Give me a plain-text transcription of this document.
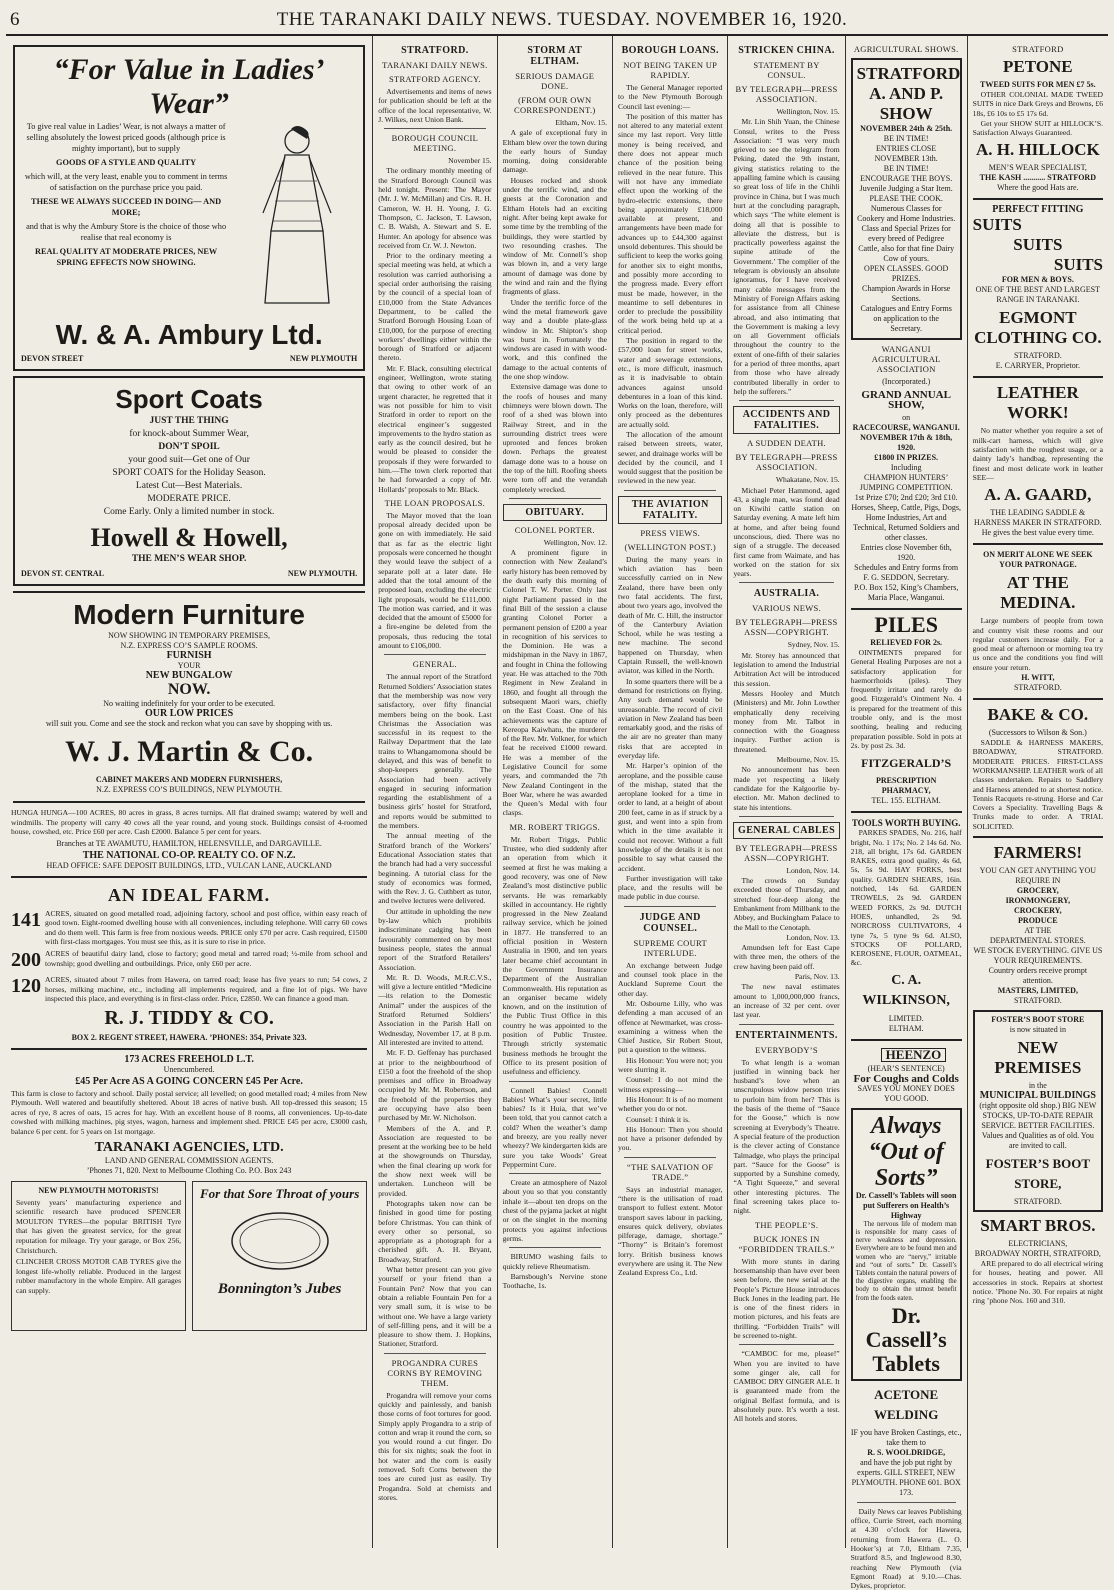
6	THE TARANAKI DAILY NEWS. TUESDAY. NOVEMBER 16, 1920.
“For Value in Ladies’ Wear”
To give real value in Ladies’ Wear, is not always a matter of selling absolutely the lowest priced goods (although price is mighty important), but to supply
GOODS OF A STYLE AND QUALITY
which will, at the very least, enable you to comment in terms of satisfaction on the purchase price you paid.
THESE WE ALWAYS SUCCEED IN DOING— AND MORE;
and that is why the Ambury Store is the choice of those who realise that real economy is
REAL QUALITY AT MODERATE PRICES, NEW SPRING EFFECTS NOW SHOWING.
W. & A. Ambury Ltd.
DEVON STREET	NEW PLYMOUTH
Sport Coats
JUST THE THING
for knock-about Summer Wear,
DON’T SPOIL
your good suit—Get one of Our
SPORT COATS for the Holiday Season.
Latest Cut—Best Materials.
MODERATE PRICE.
Come Early. Only a limited number in stock.
Howell & Howell,
THE MEN’S WEAR SHOP.
DEVON ST. CENTRAL	NEW PLYMOUTH.
Modern Furniture
NOW SHOWING IN TEMPORARY PREMISES,
N.Z. EXPRESS CO’S SAMPLE ROOMS.
FURNISH
YOUR
NEW BUNGALOW
NOW.
No waiting indefinitely for your order to be executed.
OUR LOW PRICES
will suit you. Come and see the stock and reckon what you can save by shopping with us.
W. J. Martin & Co.
CABINET MAKERS AND MODERN FURNISHERS,
N.Z. EXPRESS CO’S BUILDINGS, NEW PLYMOUTH.
HUNGA HUNGA—100 ACRES, 80 acres in grass, 8 acres turnips. All flat drained swamp; watered by well and windmills. The property will carry 40 cows all the year round, and young stock. Buildings consist of 4-roomed house, cowshed, etc. Price £60 per acre. Cash £2000. Balance 5 per cent for years.
Branches at TE AWAMUTU, HAMILTON, HELENSVILLE, and DARGAVILLE.
THE NATIONAL CO-OP. REALTY CO. OF N.Z.
HEAD OFFICE: SAFE DEPOSIT BUILDINGS, LTD., VULCAN LANE, AUCKLAND
AN IDEAL FARM.
141 ACRES, situated on good metalled road, adjoining factory, school and post office, within easy reach of good town. Eight-roomed dwelling house with all conveniences, including telephone. Will carry 60 cows and do them well. This farm is free from noxious weeds. PRICE only £70 per acre. Cash required, £1500 with first-class mortgages. You must see this, as it is sure to rise in price.
200 ACRES of beautiful dairy land, close to factory; good metal and tarred road; ½-mile from school and township; good dwelling and outbuildings. Price, only £60 per acre.
120 ACRES, situated about 7 miles from Hawera, on tarred road; lease has five years to run; 54 cows, 2 horses, milking machine, etc., including all implements required, and a fine lot of pigs. We have inspected this place, and everything is in first-class order. Price, £2850. We can finance a good man.
R. J. TIDDY & CO.
BOX 2. REGENT STREET, HAWERA. ’PHONES: 354, Private 323.
173 ACRES FREEHOLD L.T.
Unencumbered.
£45 Per Acre AS A GOING CONCERN £45 Per Acre.
This farm is close to factory and school. Daily postal service; all levelled; on good metalled road; 4 miles from New Plymouth. Well watered and beautifully sheltered. About 18 acres of native bush. All top-dressed this season; 15 acres of rye, 8 acres of oats, 15 acres for hay. With an excellent house of 8 rooms, all conveniences. Up-to-date cowshed with milking machines, pig styes, wagon, harness and implement shed. PRICE £45 per acre, £3000 cash, balance 6 per cent. for 5 years on 1st mortgage.
TARANAKI AGENCIES, LTD.
LAND AND GENERAL COMMISSION AGENTS.
’Phones 71, 820. Next to Melbourne Clothing Co. P.O. Box 243
NEW PLYMOUTH MOTORISTS!
Seventy years’ manufacturing experience and scientific research have produced SPENCER MOULTON TYRES—the popular BRITISH Tyre that has given the greatest service, for the great reputation for mileage. Try your garage, or Box 256, Christchurch.
CLINCHER CROSS MOTOR CAB TYRES give the longest life-wholly reliable. Produced in the largest rubber manufactory in the whole Empire. All garages can supply.
For that Sore Throat of yours
Bonnington’s Jubes
STRATFORD.
TARANAKI DAILY NEWS.
STRATFORD AGENCY.
Advertisements and items of news for publication should be left at the office of the local representative, W. J. Wilkes, next Union Bank.
BOROUGH COUNCIL MEETING.
November 15.
The ordinary monthly meeting of the Stratford Borough Council was held tonight. Present: The Mayor (Mr. J. W. McMillan) and Crs. R. H. Cameron, W. H. H. Young, J. G. Thompson, C. Jackson, T. Lawson, C. B. Walsh, A. Stewart and S. E. Hunter. An apology for absence was received from Cr. W. J. Newton.
Prior to the ordinary meeting a special meeting was held, at which a resolution was carried authorising a special order authorising the raising by the council of a special loan of £10,000 from the State Advances Department, to be called the Stratford Borough Housing Loan of £10,000, for the purpose of erecting workers’ dwellings either within the borough of Stratford or adjacent thereto.
Mr. F. Black, consulting electrical engineer, Wellington, wrote stating that owing to other work of an urgent character, he regretted that it was not possible for him to visit Stratford in order to report on the electrical engineer’s suggested improvements to the hydro station as early as the council desired, but he would be pleased to consider the proposals if they were forwarded to him.—The town clerk reported that he had forwarded a copy of Mr. Hollards’ proposals to Mr. Black.
THE LOAN PROPOSALS.
The Mayor moved that the loan proposal already decided upon be gone on with immediately. He said that as far as the electric light proposals were concerned he thought they would leave the subject of a separate poll at a later date. He added that the total amount of the proposed loan, excluding the electric light proposals, would be £111,000. The motion was carried, and it was decided that the amount of £5000 for a fire-engine be deleted from the proposals, thus reducing the total amount to £106,000.
GENERAL.
The annual report of the Stratford Returned Soldiers’ Association states that the membership was now very satisfactory, over fifty financial members being on the book. Last Christmas the Association was successful in its request to the Railway Department that the late trains to Whangamomona should be delayed, and this was of benefit to shop-keepers generally. The Association had been actively engaged in securing information regarding the establishment of a business girls’ hostel for Stratford, and reports would be submitted to the members.
The annual meeting of the Stratford branch of the Workers’ Educational Association states that the branch had had a very successful beginning. A tutorial class for the study of economics was formed, with the Rev. J. G. Cuthbert as tutor, and twelve lectures were delivered.
Our attitude in upholding the new by-law which prohibits indiscriminate cadging has been favourably commented on by most business people, states the annual report of the Stratford Retailers’ Association.
Mr. R. D. Woods, M.R.C.V.S., will give a lecture entitled “Medicine—its relation to the Domestic Animal” under the auspices of the Stratford Returned Soldiers’ Association in the Parish Hall on Wednesday, November 17, at 8 p.m. All interested are invited to attend.
Mr. F. D. Geffenay has purchased at prior to the neighbourhood of £150 a foot the freehold of the shop premises and office in Broadway occupied by Mr. M. Robertson, and the freehold of the properties they are occupying have also been purchased by Mr. W. Nicholson.
Members of the A. and P. Association are requested to be present at the working bee to be held at the showgrounds on Thursday, when the final clearing up work for the show next week will be undertaken. Luncheon will be provided.
Photographs taken now can be finished in good time for posting before Christmas. You can think of every other so personal, so appropriate as a photograph for a cherished gift. A. H. Bryant, Broadway, Stratford.
What better present can you give yourself or your friend than a Fountain Pen? Now that you can obtain a reliable Fountain Pen for a very small sum, it is wise to be without one. We have a large variety of self-filling pens, and it will be a pleasure to show them. J. Hopkins, Stationer, Stratford.
PROGANDRA CURES CORNS BY REMOVING THEM.
Progandra will remove your corns quickly and painlessly, and banish those corns of foot tortures for good. Simply apply Progandra to a strip of cotton and wrap it round the corn, so you would round a cut finger. Do this for six nights; soak the foot in hot water and the corn is easily removed. Soft Corns between the toes are cured just as easily. Try Progandra. Sold at chemists and stores.
STORM AT ELTHAM.
SERIOUS DAMAGE DONE.
(FROM OUR OWN CORRESPONDENT.)
Eltham, Nov. 15.
A gale of exceptional fury in Eltham blew over the town during the early hours of Sunday morning, doing considerable damage.
Houses rocked and shook under the terrific wind, and the guests at the Coronation and Eltham Hotels had an exciting night. After being kept awake for some time by the trembling of the buildings, they were startled by two resounding crashes. The window of Mr. Connell’s shop was blown in, and a very large amount of damage was done by the wind and rain and the flying fragments of glass.
Under the terrific force of the wind the metal framework gave way and a double plate-glass window in Mr. Shipton’s shop was burst in. Fortunately the windows are cased in with wood-work, and this confined the damage to the actual contents of the one shop window.
Extensive damage was done to the roofs of houses and many chimneys were blown down. The roof of a shed was blown into Railway Street, and in the surrounding district trees were uprooted and fences broken down. Perhaps the greatest damage done was to a house on the top of the hill. Roofing sheets were torn off and the verandah completely wrecked.
OBITUARY.
COLONEL PORTER.
Wellington, Nov. 12.
A prominent figure in connection with New Zealand’s early history has been removed by the death early this morning of Colonel T. W. Porter. Only last night Parliament passed in the final Bill of the session a clause granting Colonel Porter a permanent pension of £200 a year in recognition of his services to the Dominion. He was a midshipman in the Navy in 1867, and fought in China the following year. He was attached to the 70th Regiment in New Zealand in 1860, and fought all through the subsequent Maori wars, chiefly on the East Coast. One of his achievements was the capture of Kereopa Kaiwhatu, the murderer of the Rev. Mr. Volkner, for which feat he received £1000 reward. He was a member of the Legislative Council for some years, and commanded the 7th New Zealand Contingent in the Boer War, where he was awarded the Queen’s Medal with four clasps.
MR. ROBERT TRIGGS.
Mr. Robert Triggs, Public Trustee, who died suddenly after an operation from which it seemed at first he was making a good recovery, was one of New Zealand’s most distinctive public servants. He was remarkably skilled in accountancy. He rightly progressed in the New Zealand railway service, which he joined in 1877. He transferred to an official position in Western Australia in 1900, and ten years later became chief accountant in the Government Insurance Department of the Australian Commonwealth. His reputation as an organiser became widely known, and on the institution of the Public Trust Office in this country he was appointed to the position of Public Trustee. Through strictly systematic business methods he brought the Office to its present position of usefulness and efficiency.
Connell Babies! Connell Babies! What’s your secret, little babies? Is it Huia, that we’ve been told, that you cannot catch a cold? When the weather’s damp and breezy, are you really never wheezy? We kindergarten kids are sure you take Woods’ Great Peppermint Cure.
Create an atmosphere of Nazol about you so that you constantly inhale it—about ten drops on the chest of the pyjama jacket at night or on the singlet in the morning protects you against infectious germs.
BIRUMO washing fails to quickly relieve Rheumatism.
Barnsbough’s Nervine stone Toothache, 1s.
BOROUGH LOANS.
NOT BEING TAKEN UP RAPIDLY.
The General Manager reported to the New Plymouth Borough Council last evening:—
The position of this matter has not altered to any material extent since my last report. Very little money is being received, and there does not appear much chance of the position being relieved in the near future. This will not have any immediate effect upon the working of the hydro-electric extensions, there being approximately £18,000 available at present, and arrangements have been made for advances up to £44,300 against unsold debentures. This should be sufficient to keep the works going for another six to eight months, and possibly more according to the progress made. Every effort must be made, however, in the meantime to sell debentures in order to preclude the possibility of the work being held up at a critical period.
The position in regard to the £57,000 loan for street works, water and sewerage extensions, etc., is more difficult, inasmuch as it is inadvisable to obtain advances against unsold debentures in a loan of this kind. Works on the loan, therefore, will only proceed as the debentures are actually sold.
The allocation of the amount raised between streets, water, sewer, and drainage works will be decided by the council, and I would suggest that the position be reviewed in the new year.
THE AVIATION FATALITY.
PRESS VIEWS.
(WELLINGTON POST.)
During the many years in which aviation has been successfully carried on in New Zealand, there have been only two fatal accidents. The first, about two years ago, involved the death of Mr. C. Hill, the instructor of the Canterbury Aviation School, while he was testing a new machine. The second happened on Thursday, when Captain Russell, the well-known aviator, was killed in the North.
In some quarters there will be a demand for restrictions on flying. Any such demand would be unreasonable. The record of civil aviation in New Zealand has been remarkably good, and the risks of the air are no greater than many risks that are accepted in everyday life.
Mr. Harper’s opinion of the aeroplane, and the possible cause of the mishap, stated that the aeroplane looked for a time in order to land, at a height of about 200 feet, came in as if struck by a gust, and went into a spin from which in the time available it could not recover. Without a full knowledge of the details it is not possible to say what caused the accident.
Further investigation will take place, and the results will be made public in due course.
JUDGE AND COUNSEL.
SUPREME COURT INTERLUDE.
An exchange between Judge and counsel took place in the Auckland Supreme Court the other day.
Mr. Osbourne Lilly, who was defending a man accused of an offence at Newmarket, was cross-examining a witness when the Chief Justice, Sir Robert Stout, put a question to the witness.
His Honour: You were not; you were slurring it.
Counsel: I do not mind the witness expressing—
His Honour: It is of no moment whether you do or not.
Counsel: I think it is.
His Honour: Then you should not have a prisoner defended by you.
“THE SALVATION OF TRADE.”
Says an industrial manager, “there is the utilisation of road transport to fullest extent. Motor transport saves labour in packing, ensures quick delivery, obviates pilferage, damage, shortage.” “Thorny” is Britain’s foremost lorry. British business knows everywhere are using it. The New Zealand Express Co., Ltd.
STRICKEN CHINA.
STATEMENT BY CONSUL.
BY TELEGRAPH—PRESS ASSOCIATION.
Wellington, Nov. 15.
Mr. Lin Shih Yuan, the Chinese Consul, writes to the Press Association: “I was very much grieved to see the telegram from Peking, dated the 9th instant, giving statistics relating to the appalling famine which is causing so great loss of life in the Chihli province in China, but I was much hurt at the concluding paragraph, which says ‘The white element is doing all that is possible to alleviate the distress, but is practically powerless against the supine attitude of the Government.’ The complier of the telegram is obviously an absolute ignoramus, for I have received many cable messages from the Ministry of Foreign Affairs asking for assistance from all Chinese abroad, and also intimating that the Government is making a levy on all Government officials throughout the country to the extent of one-fifth of their salaries for a period of three months, apart from those who have already contributed liberally in order to help the sufferers.”
ACCIDENTS AND FATALITIES.
A SUDDEN DEATH.
BY TELEGRAPH—PRESS ASSOCIATION.
Whakatane, Nov. 15.
Michael Peter Hammond, aged 43, a single man, was found dead on Kiwihi cattle station on Saturday evening. A mate left him at home, and after being found unconscious, died. There was no sign of a struggle. The deceased first came from Waimate, and has worked on the station for six years.
AUSTRALIA.
VARIOUS NEWS.
BY TELEGRAPH—PRESS ASSN—COPYRIGHT.
Sydney, Nov. 15.
Mr. Storey has announced that legislation to amend the Industrial Arbitration Act will be introduced this session.
Messrs Hooley and Mutch (Ministers) and Mr. John Lowther emphatically deny receiving money from Mr. Talbot in connection with the Goagness inquiry. Further action is threatened.
Melbourne, Nov. 15.
No announcement has been made yet respecting a likely candidate for the Kalgoorlie by-election. Mr. Mahon declined to state his intentions.
GENERAL CABLES
BY TELEGRAPH—PRESS ASSN—COPYRIGHT.
London, Nov. 14.
The crowds on Sunday exceeded those of Thursday, and stretched four-deep along the Embankment from Millbank to the Abbey, and Buckingham Palace to the Mall to the Cenotaph.
London, Nov. 13.
Amundsen left for East Cape with three men, the others of the crew having been paid off.
Paris, Nov. 13.
The new naval estimates amount to 1,000,000,000 francs, an increase of 32 per cent. over last year.
ENTERTAINMENTS.
EVERYBODY’S
To what length is a woman justified in winning back her husband’s love when an unscrupulous widow person tries to purloin him from her? This is the basis of the theme of “Sauce for the Goose,” which is now screening at Everybody’s Theatre. A special feature of the production is the clever acting of Constance Talmadge, who plays the principal part. “Sauce for the Goose” is supported by a Sunshine comedy, “A Tight Squeeze,” and several other interesting pictures. The final screening takes place to-night.
THE PEOPLE’S.
BUCK JONES IN “FORBIDDEN TRAILS.”
With more stunts in daring horsemanship than have ever been seen before, the new serial at the People’s Picture House introduces Buck Jones in the leading part. He is one of the finest riders in motion pictures, and his feats are thrilling. “Forbidden Trails” will be screened to-night.
“CAMBOC for me, please!” When you are invited to have some ginger ale, call for CAMBOC DRY GINGER ALE. It is guaranteed made from the original Belfast formula, and is absolutely pure. It’s worth a test. All hotels and stores.
AGRICULTURAL SHOWS.
STRATFORD A. AND P. SHOW
NOVEMBER 24th & 25th.
BE IN TIME!
ENTRIES CLOSE NOVEMBER 13th.
BE IN TIME!
ENCOURAGE THE BOYS.
Juvenile Judging a Star Item.
PLEASE THE COOK.
Numerous Classes for Cookery and Home Industries.
Class and Special Prizes for every breed of Pedigree Cattle, also for that fine Dairy Cow of yours.
OPEN CLASSES. GOOD PRIZES.
Champion Awards in Horse Sections.
Catalogues and Entry Forms on application to the Secretary.
WANGANUI AGRICULTURAL ASSOCIATION
(Incorporated.)
GRAND ANNUAL SHOW,
on
RACECOURSE, WANGANUI.
NOVEMBER 17th & 18th, 1920.
£1800 IN PRIZES.
Including
CHAMPION HUNTERS’ JUMPING COMPETITION.
1st Prize £70; 2nd £20; 3rd £10.
Horses, Sheep, Cattle, Pigs, Dogs, Home Industries, Art and Technical, Returned Soldiers and other classes.
Entries close November 6th, 1920.
Schedules and Entry forms from F. G. SEDDON, Secretary.
P.O. Box 152, King’s Chambers, Maria Place, Wanganui.
PILES
RELIEVED FOR 2s.
OINTMENTS prepared for General Healing Purposes are not a satisfactory application for haemorrhoids (piles). They frequently irritate and rarely do good. Fitzgerald’s Ointment No. 4 is prepared for the treatment of this trouble only, and is the most soothing, healing and reducing preparation possible. Sold in pots at 2s. by post 2s. 3d.
FITZGERALD’S
PRESCRIPTION PHARMACY,
TEL. 155. ELTHAM.
TOOLS WORTH BUYING.
PARKES SPADES, No. 216, half bright, No. 1 17s; No. 2 14s 6d. No. 218, all bright, 17s 6d. GARDEN RAKES, extra good quality, 4s 6d, 5s, 5s 9d. HAY FORKS, best quality. GARDEN SHEARS, 16in. notched, 14s 6d. GARDEN TROWELS, 2s 9d. GARDEN WEED FORKS, 2s 9d. DUTCH HOES, unhandled, 2s 9d. NORCROSS CULTIVATORS, 4 tyne 7s, 5 tyne 9s 6d. ALSO, STOCKS OF POLLARD, KEROSENE, FLOUR, OATMEAL, &c.
C. A. WILKINSON,
LIMITED.
ELTHAM.
HEENZO
(HEAR’S SENTENCE)
For Coughs and Colds
SAVES YOU MONEY DOES YOU GOOD.
Always “Out of Sorts”
Dr. Cassell’s Tablets will soon put Sufferers on Health’s Highway
The nervous life of modern man is responsible for many cases of nerve weakness and depression. Everywhere are to be found men and women who are “nervy,” irritable and “out of sorts.” Dr. Cassell’s Tablets contain the natural powers of the digestive organs, enabling the body to obtain the utmost benefit from the foods eaten.
Dr. Cassell’s Tablets
ACETONE WELDING
IF you have Broken Castings, etc., take them to
R. S. WOOLDRIDGE,
and have the job put right by experts. GILL STREET, NEW PLYMOUTH. PHONE 601. BOX 173.
Daily News car leaves Publishing office, Currie Street, each morning at 4.30 o’clock for Hawera, returning from Hawera (L. O. Hooker’s) at 7.0, Eltham 7.35, Stratford 8.5, and Inglewood 8.30, reaching New Plymouth (via Egmont Road) at 9.10.—Chas. Dykes, proprietor.
STRATFORD
PETONE
TWEED SUITS FOR MEN £7 5s.
OTHER COLONIAL MADE TWEED SUITS in nice Dark Greys and Browns, £6 18s, £6 10s to £5 17s 6d.
Get your SHOW SUIT at HILLOCK’S. Satisfaction Always Guaranteed.
A. H. HILLOCK
MEN’S WEAR SPECIALIST,
THE KASH ........... STRATFORD
Where the good Hats are.
PERFECT FITTING
SUITS
SUITS
SUITS
FOR MEN & BOYS.
ONE OF THE BEST AND LARGEST RANGE IN TARANAKI.
EGMONT CLOTHING CO.
STRATFORD.
E. CARRYER, Proprietor.
LEATHER WORK!
No matter whether you require a set of milk-cart harness, which will give satisfaction with the roughest usage, or a dainty lady’s handbag, representing the finest and most delicate work in leather SEE—
A. A. GAARD,
THE LEADING SADDLE & HARNESS MAKER IN STRATFORD.
He gives the best value every time.
ON MERIT ALONE WE SEEK YOUR PATRONAGE.
AT THE MEDINA.
Large numbers of people from town and country visit these rooms and our regular customers increase daily. For a good meal or afternoon or morning tea try us once and the conditions you find will ensure your return.
H. WITT,
STRATFORD.
BAKE & CO.
(Successors to Wilson & Son.)
SADDLE & HARNESS MAKERS, BROADWAY, STRATFORD. MODERATE PRICES. FIRST-CLASS WORKMANSHIP. LEATHER work of all classes undertaken. Repairs to Saddlery and Harness attended to at shortest notice. Tennis Racquets re-strung. Horse and Car Covers a Speciality. Travelling Bags & Trunks made to order. A TRIAL SOLICITED.
FARMERS!
YOU CAN GET ANYTHING YOU REQUIRE IN
GROCERY,
IRONMONGERY,
CROCKERY,
PRODUCE
AT THE
DEPARTMENTAL STORES.
WE STOCK EVERYTHING. GIVE US YOUR REQUIREMENTS.
Country orders receive prompt attention.
MASTERS, LIMITED,
STRATFORD.
FOSTER’S BOOT STORE
is now situated in
NEW PREMISES
in the
MUNICIPAL BUILDINGS
(right opposite old shop.) BIG NEW STOCKS, UP-TO-DATE REPAIR SERVICE. BETTER FACILITIES. Values and Qualities as of old. You are invited to call.
FOSTER’S BOOT STORE,
STRATFORD.
SMART BROS.
ELECTRICIANS,
BROADWAY NORTH, STRATFORD,
ARE prepared to do all electrical wiring for houses, heating and power. All accessories in stock. Repairs at shortest notice. ’Phone No. 30. For repairs at night ring ’phone Nos. 160 and 310.
